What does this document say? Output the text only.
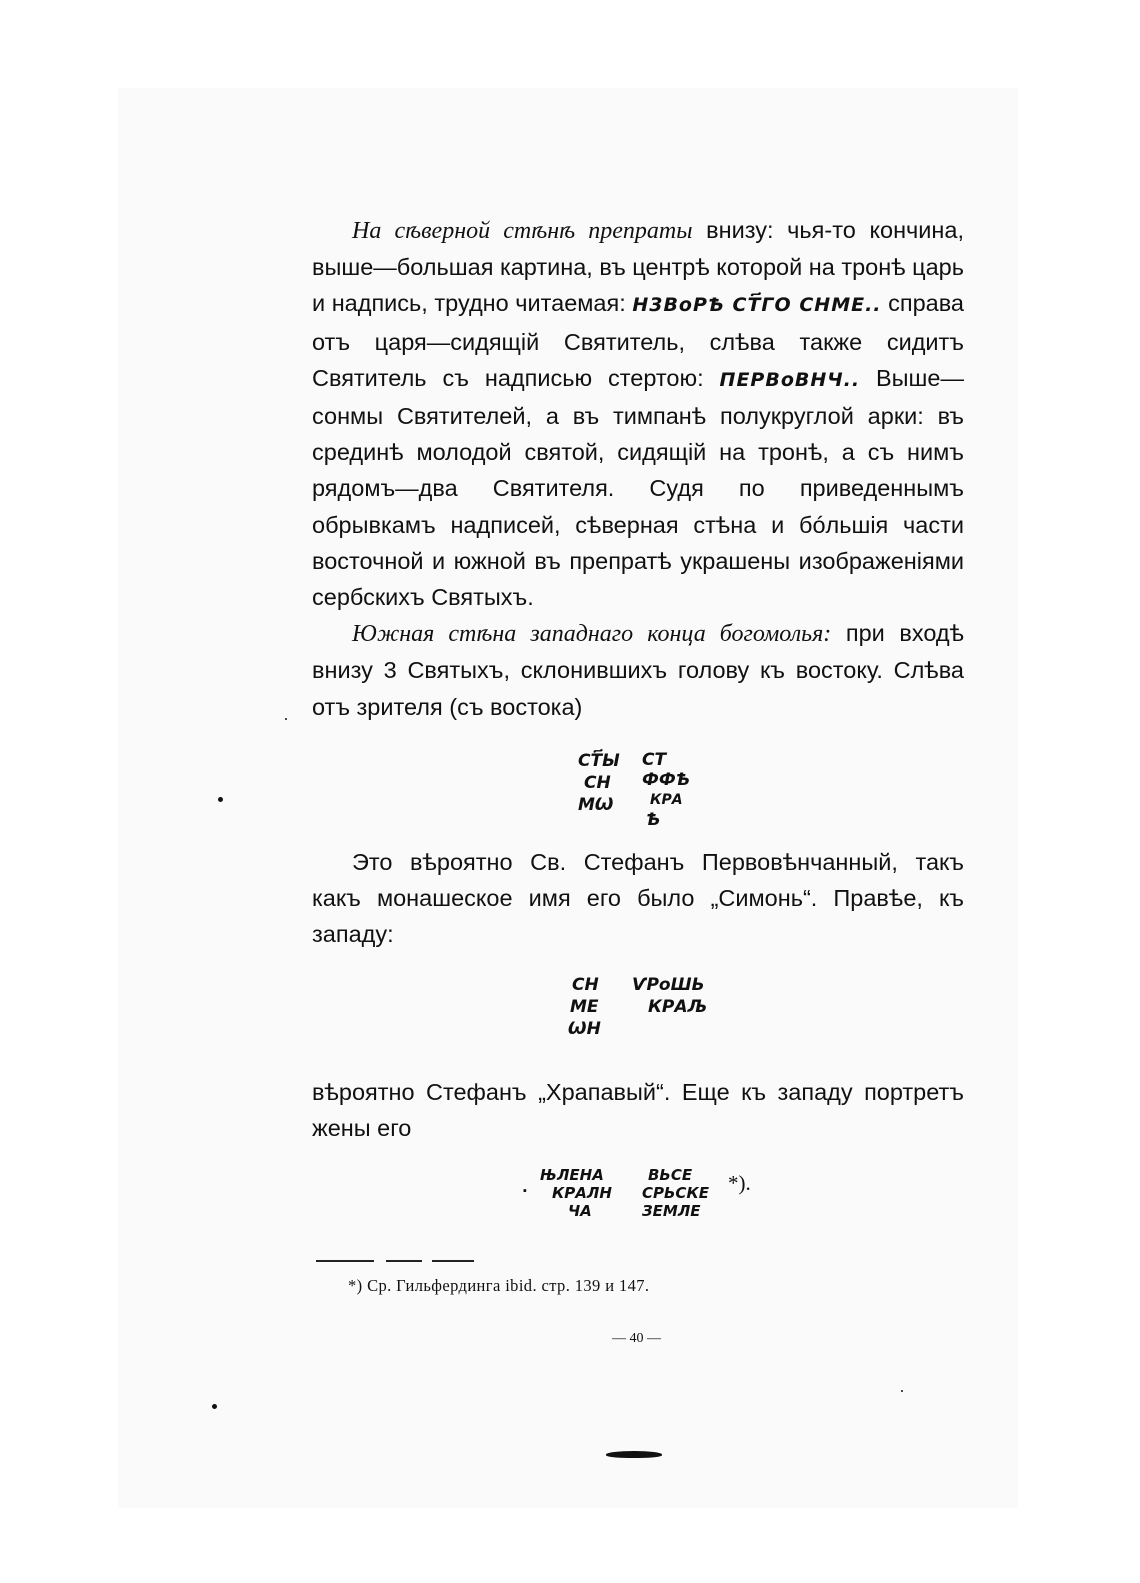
На сѣверной стѣнѣ препраты внизу: чья-то кончина, выше—большая картина, въ центрѣ которой на тронѣ царь и надпись, трудно читаемая: Н3ВоРѢ СТ҃ГО СНМЕ.. справа отъ царя—сидящій Святитель, слѣва также сидитъ Святитель съ надписью стертою: ПЕРВоВНЧ.. Выше—сонмы Святителей, а въ тимпанѣ полукруглой арки: въ срединѣ молодой святой, сидящій на тронѣ, а съ нимъ рядомъ—два Святителя. Судя по приведеннымъ обрывкамъ надписей, сѣверная стѣна и бóльшія части восточной и южной въ препратѣ украшены изображеніями сербскихъ Святыхъ.

Южная стѣна западнаго конца богомолья: при входѣ внизу 3 Святыхъ, склонившихъ голову къ востоку. Слѣва отъ зрителя (съ востока)

СТ҃Ы
СН
МѠ
СТ
ФФѢ
КРА
Ѣ

Это вѣроятно Св. Стефанъ Первовѣнчанный, такъ какъ монашеское имя его было „Симонь“. Правѣе, къ западу:

СН
МЕ
ѠН
ѴРоШЬ
КРАЉ

вѣроятно Стефанъ „Храпавый“. Еще къ западу портретъ жены его

.
ЊЛЕНА
КРАЛН
ЧА
ВЬСЕ
СРЬСКЕ
ЗЕМЛЕ
*).
*) Ср. Гильфердинга ibid. стр. 139 и 147.
— 40 —
